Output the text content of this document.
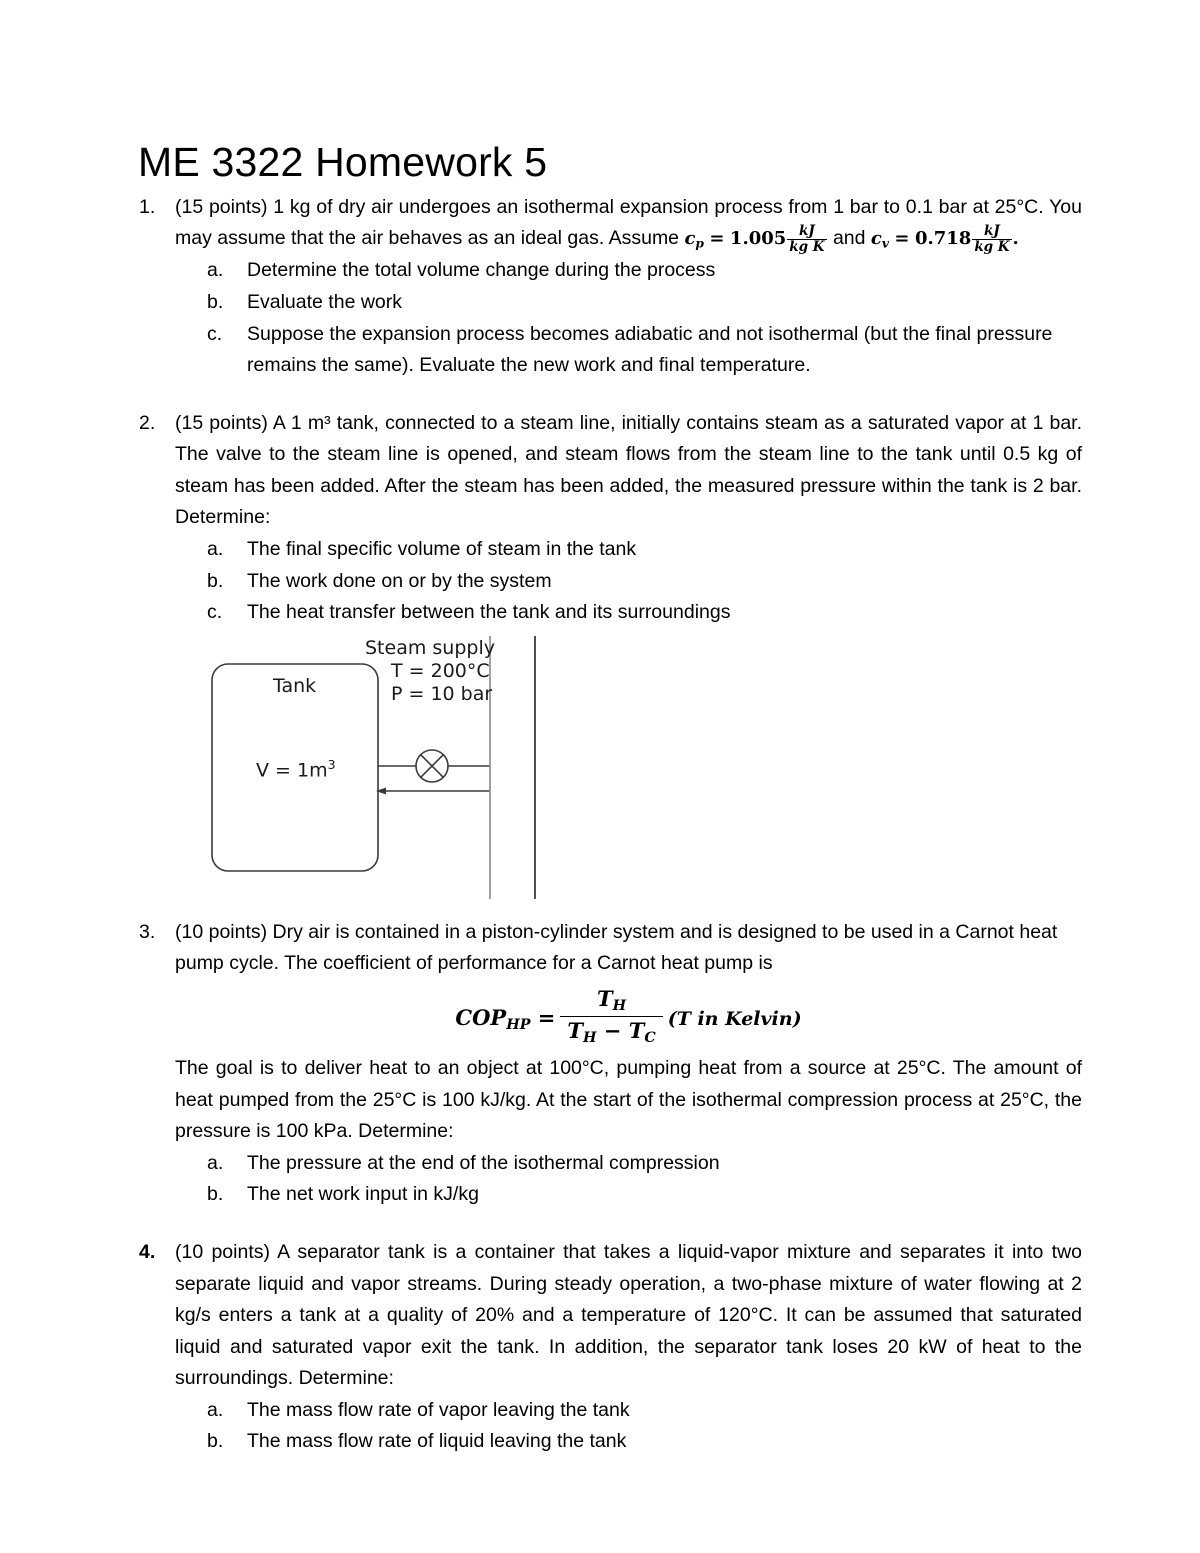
ME 3322 Homework 5
1.	(15 points) 1 kg of dry air undergoes an isothermal expansion process from 1 bar to 0.1 bar at 25°C. You may assume that the air behaves as an ideal gas. Assume $c_p = 1.005 \frac{kJ}{\text{kg K}}$ and $c_v = 0.718 \frac{kJ}{\text{kg K}}$ .
a.	Determine the total volume change during the process
b.	Evaluate the work
c.	Suppose the expansion process becomes adiabatic and not isothermal (but the final pressure remains the same). Evaluate the new work and final temperature.
2.	(15 points) A 1 m³ tank, connected to a steam line, initially contains steam as a saturated vapor at 1 bar. The valve to the steam line is opened, and steam flows from the steam line to the tank until 0.5 kg of steam has been added. After the steam has been added, the measured pressure within the tank is 2 bar. Determine:
a.	The final specific volume of steam in the tank
b.	The work done on or by the system
c.	The heat transfer between the tank and its surroundings
Tank
$V = 1m^3$
Steam supply
T = 200°C
P = 10 bar
3.	(10 points) Dry air is contained in a piston-cylinder system and is designed to be used in a Carnot heat pump cycle. The coefficient of performance for a Carnot heat pump is
$COP_{HP} = \frac{T_H}{T_H - T_C} (T$ in Kelvin)
The goal is to deliver heat to an object at 100°C, pumping heat from a source at 25°C. The amount of heat pumped from the 25°C is 100 kJ/kg. At the start of the isothermal compression process at 25°C, the pressure is 100 kPa. Determine:
a.	The pressure at the end of the isothermal compression
b.	The net work input in kJ/kg
4.	(10 points) A separator tank is a container that takes a liquid-vapor mixture and separates it into two separate liquid and vapor streams. During steady operation, a two-phase mixture of water flowing at 2 kg/s enters a tank at a quality of 20% and a temperature of 120°C. It can be assumed that saturated liquid and saturated vapor exit the tank. In addition, the separator tank loses 20 kW of heat to the surroundings. Determine:
a.	The mass flow rate of vapor leaving the tank
b.	The mass flow rate of liquid leaving the tank
